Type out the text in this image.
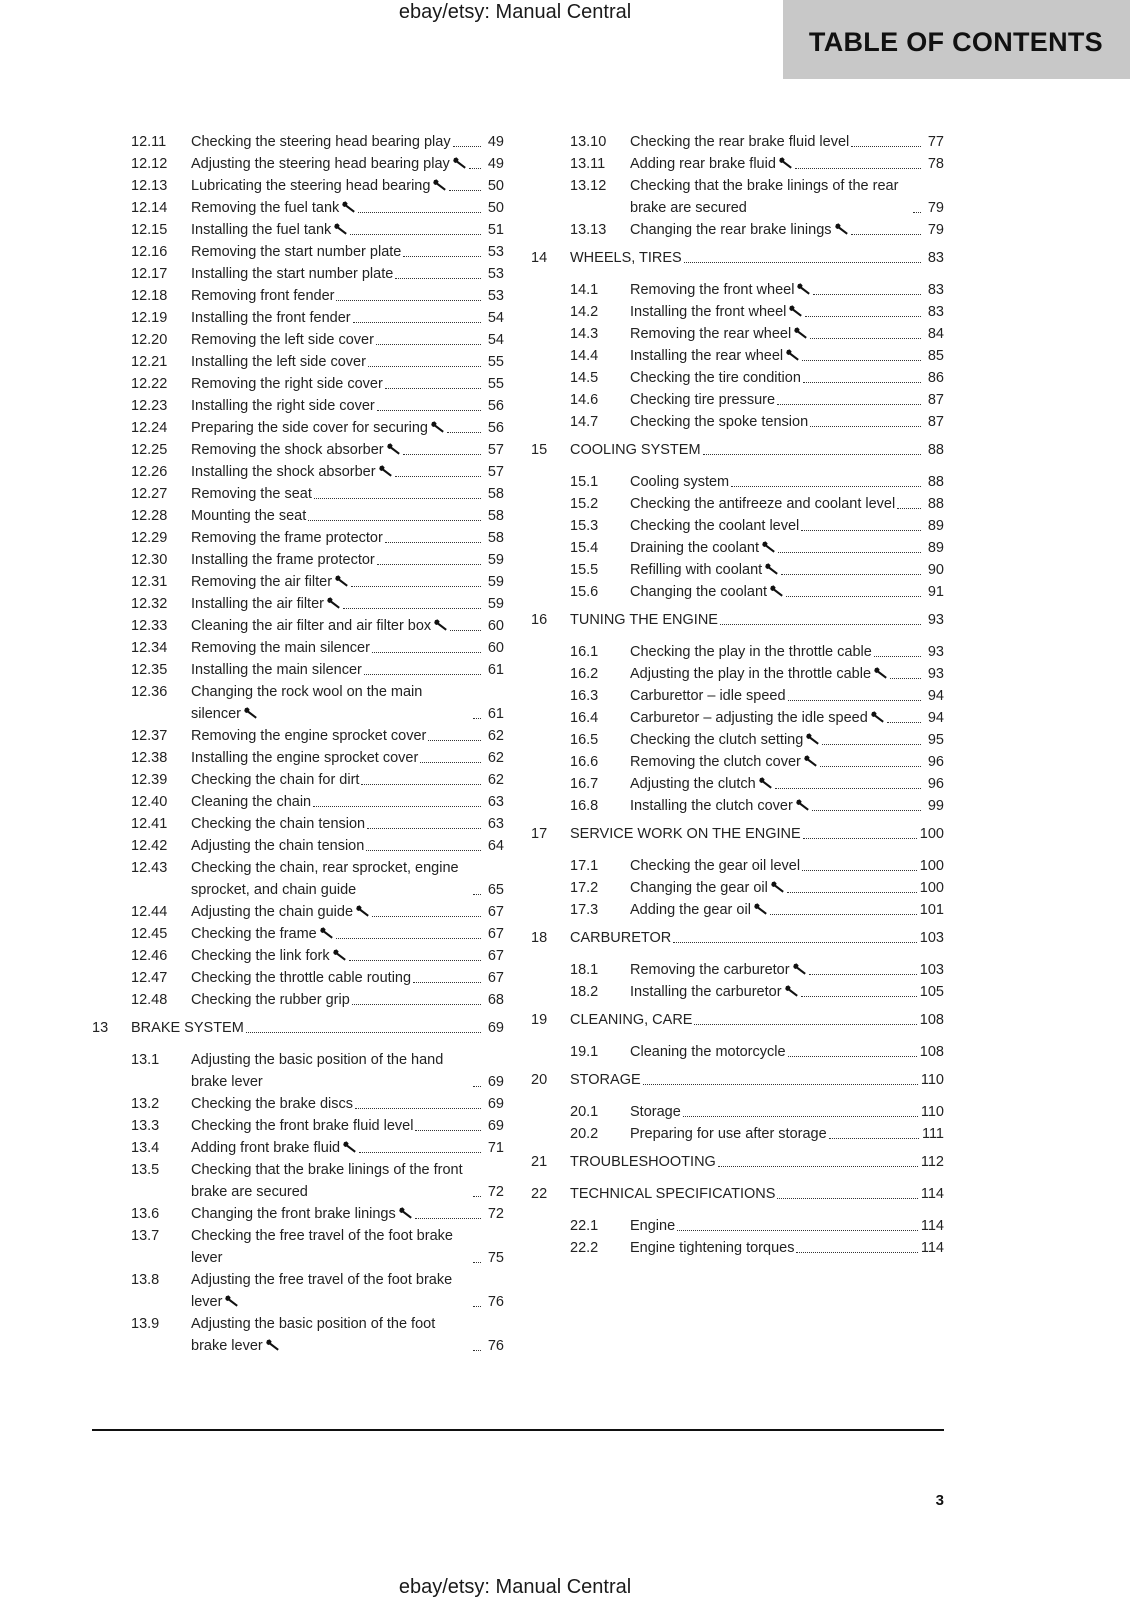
ebay/etsy: Manual Central
TABLE OF CONTENTS
12.11 Checking the steering head bearing play	49
12.12 Adjusting the steering head bearing play	49
12.13 Lubricating the steering head bearing	50
12.14 Removing the fuel tank	50
12.15 Installing the fuel tank	51
12.16 Removing the start number plate	53
12.17 Installing the start number plate	53
12.18 Removing front fender	53
12.19 Installing the front fender	54
12.20 Removing the left side cover	54
12.21 Installing the left side cover	55
12.22 Removing the right side cover	55
12.23 Installing the right side cover	56
12.24 Preparing the side cover for securing	56
12.25 Removing the shock absorber	57
12.26 Installing the shock absorber	57
12.27 Removing the seat	58
12.28 Mounting the seat	58
12.29 Removing the frame protector	58
12.30 Installing the frame protector	59
12.31 Removing the air filter	59
12.32 Installing the air filter	59
12.33 Cleaning the air filter and air filter box	60
12.34 Removing the main silencer	60
12.35 Installing the main silencer	61
12.36 Changing the rock wool on the main silencer	61
12.37 Removing the engine sprocket cover	62
12.38 Installing the engine sprocket cover	62
12.39 Checking the chain for dirt	62
12.40 Cleaning the chain	63
12.41 Checking the chain tension	63
12.42 Adjusting the chain tension	64
12.43 Checking the chain, rear sprocket, engine sprocket, and chain guide	65
12.44 Adjusting the chain guide	67
12.45 Checking the frame	67
12.46 Checking the link fork	67
12.47 Checking the throttle cable routing	67
12.48 Checking the rubber grip	68
13 BRAKE SYSTEM	69
13.1 Adjusting the basic position of the hand brake lever	69
13.2 Checking the brake discs	69
13.3 Checking the front brake fluid level	69
13.4 Adding front brake fluid	71
13.5 Checking that the brake linings of the front brake are secured	72
13.6 Changing the front brake linings	72
13.7 Checking the free travel of the foot brake lever	75
13.8 Adjusting the free travel of the foot brake lever	76
13.9 Adjusting the basic position of the foot brake lever	76
13.10 Checking the rear brake fluid level	77
13.11 Adding rear brake fluid	78
13.12 Checking that the brake linings of the rear brake are secured	79
13.13 Changing the rear brake linings	79
14 WHEELS, TIRES	83
14.1 Removing the front wheel	83
14.2 Installing the front wheel	83
14.3 Removing the rear wheel	84
14.4 Installing the rear wheel	85
14.5 Checking the tire condition	86
14.6 Checking tire pressure	87
14.7 Checking the spoke tension	87
15 COOLING SYSTEM	88
15.1 Cooling system	88
15.2 Checking the antifreeze and coolant level 88
15.3 Checking the coolant level	89
15.4 Draining the coolant	89
15.5 Refilling with coolant	90
15.6 Changing the coolant	91
16 TUNING THE ENGINE	93
16.1 Checking the play in the throttle cable	93
16.2 Adjusting the play in the throttle cable	93
16.3 Carburettor – idle speed	94
16.4 Carburetor – adjusting the idle speed	94
16.5 Checking the clutch setting	95
16.6 Removing the clutch cover	96
16.7 Adjusting the clutch	96
16.8 Installing the clutch cover	99
17 SERVICE WORK ON THE ENGINE	100
17.1 Checking the gear oil level	100
17.2 Changing the gear oil	100
17.3 Adding the gear oil	101
18 CARBURETOR	103
18.1 Removing the carburetor	103
18.2 Installing the carburetor	105
19 CLEANING, CARE	108
19.1 Cleaning the motorcycle	108
20 STORAGE	110
20.1 Storage	110
20.2 Preparing for use after storage	111
21 TROUBLESHOOTING	112
22 TECHNICAL SPECIFICATIONS	114
22.1 Engine	114
22.2 Engine tightening torques	114
3
ebay/etsy: Manual Central
